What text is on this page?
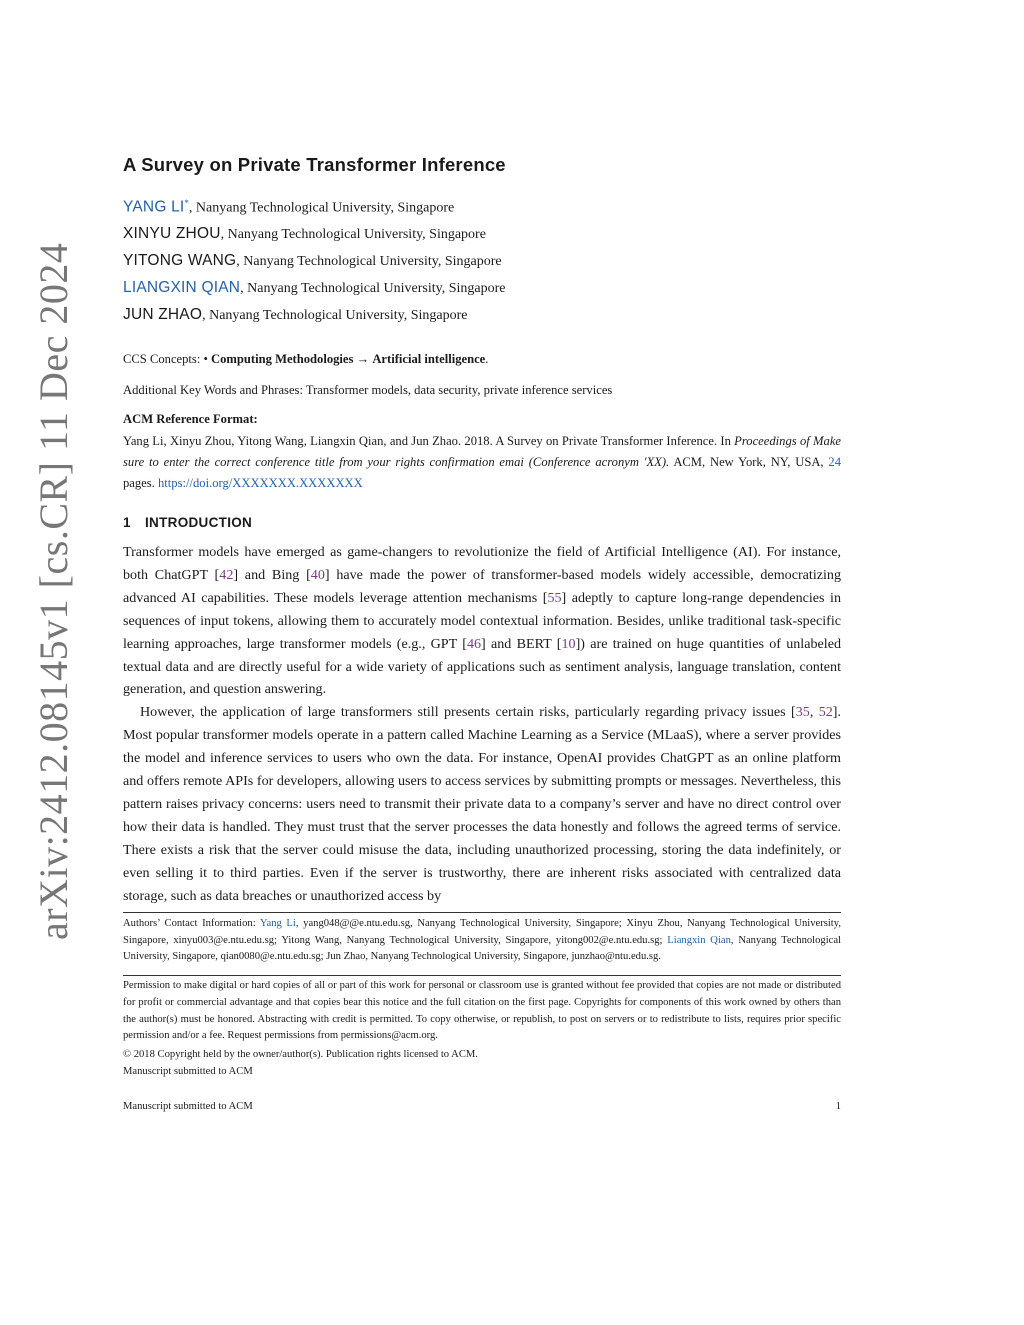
arXiv:2412.08145v1 [cs.CR] 11 Dec 2024
A Survey on Private Transformer Inference
YANG LI*, Nanyang Technological University, Singapore
XINYU ZHOU, Nanyang Technological University, Singapore
YITONG WANG, Nanyang Technological University, Singapore
LIANGXIN QIAN, Nanyang Technological University, Singapore
JUN ZHAO, Nanyang Technological University, Singapore
CCS Concepts: • Computing Methodologies → Artificial intelligence.
Additional Key Words and Phrases: Transformer models, data security, private inference services
ACM Reference Format:
Yang Li, Xinyu Zhou, Yitong Wang, Liangxin Qian, and Jun Zhao. 2018. A Survey on Private Transformer Inference. In Proceedings of Make sure to enter the correct conference title from your rights confirmation emai (Conference acronym 'XX). ACM, New York, NY, USA, 24 pages. https://doi.org/XXXXXXX.XXXXXXX
1 INTRODUCTION

Transformer models have emerged as game-changers to revolutionize the field of Artificial Intelligence (AI). For instance, both ChatGPT [42] and Bing [40] have made the power of transformer-based models widely accessible, democratizing advanced AI capabilities. These models leverage attention mechanisms [55] adeptly to capture long-range dependencies in sequences of input tokens, allowing them to accurately model contextual information. Besides, unlike traditional task-specific learning approaches, large transformer models (e.g., GPT [46] and BERT [10]) are trained on huge quantities of unlabeled textual data and are directly useful for a wide variety of applications such as sentiment analysis, language translation, content generation, and question answering.

However, the application of large transformers still presents certain risks, particularly regarding privacy issues [35, 52]. Most popular transformer models operate in a pattern called Machine Learning as a Service (MLaaS), where a server provides the model and inference services to users who own the data. For instance, OpenAI provides ChatGPT as an online platform and offers remote APIs for developers, allowing users to access services by submitting prompts or messages. Nevertheless, this pattern raises privacy concerns: users need to transmit their private data to a company’s server and have no direct control over how their data is handled. They must trust that the server processes the data honestly and follows the agreed terms of service. There exists a risk that the server could misuse the data, including unauthorized processing, storing the data indefinitely, or even selling it to third parties. Even if the server is trustworthy, there are inherent risks associated with centralized data storage, such as data breaches or unauthorized access by

Authors’ Contact Information: Yang Li, yang048@@e.ntu.edu.sg, Nanyang Technological University, Singapore; Xinyu Zhou, Nanyang Technological University, Singapore, xinyu003@e.ntu.edu.sg; Yitong Wang, Nanyang Technological University, Singapore, yitong002@e.ntu.edu.sg; Liangxin Qian, Nanyang Technological University, Singapore, qian0080@e.ntu.edu.sg; Jun Zhao, Nanyang Technological University, Singapore, junzhao@ntu.edu.sg.
Permission to make digital or hard copies of all or part of this work for personal or classroom use is granted without fee provided that copies are not made or distributed for profit or commercial advantage and that copies bear this notice and the full citation on the first page. Copyrights for components of this work owned by others than the author(s) must be honored. Abstracting with credit is permitted. To copy otherwise, or republish, to post on servers or to redistribute to lists, requires prior specific permission and/or a fee. Request permissions from permissions@acm.org.
© 2018 Copyright held by the owner/author(s). Publication rights licensed to ACM.
Manuscript submitted to ACM
Manuscript submitted to ACM	1
